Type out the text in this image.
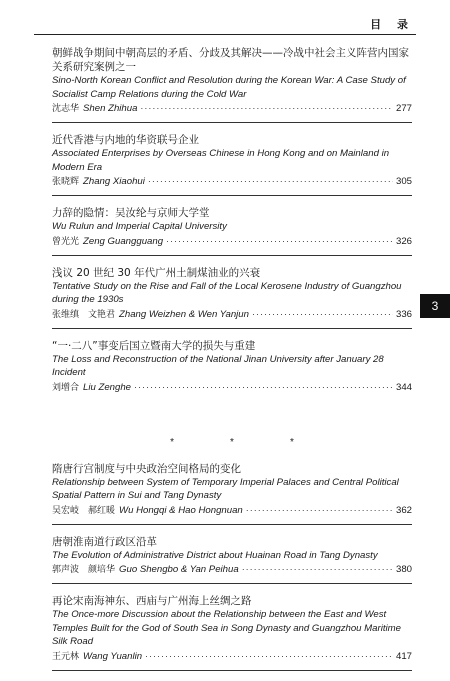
目 录
3
朝鲜战争期间中朝高层的矛盾、分歧及其解决——冷战中社会主义阵营内国家关系研究案例之一
Sino-North Korean Conflict and Resolution during the Korean War: A Case Study of Socialist Camp Relations during the Cold War
沈志华 Shen Zhihua ·····	277
近代香港与内地的华资联号企业
Associated Enterprises by Overseas Chinese in Hong Kong and on Mainland in Modern Era
张晓辉 Zhang Xiaohui ·····	305
力辞的隐情：吴汝纶与京师大学堂
Wu Rulun and Imperial Capital University
曾光光 Zeng Guangguang ·····	326
浅议 20 世纪 30 年代广州土制煤油业的兴衰
Tentative Study on the Rise and Fall of the Local Kerosene Industry of Guangzhou during the 1930s
张维缜　文艳君 Zhang Weizhen & Wen Yanjun ·····	336
“一·二八”事变后国立暨南大学的损失与重建
The Loss and Reconstruction of the National Jinan University after January 28 Incident
刘增合 Liu Zenghe ·····	344
*	*	*
隋唐行宫制度与中央政治空间格局的变化
Relationship between System of Temporary Imperial Palaces and Central Political Spatial Pattern in Sui and Tang Dynasty
吴宏岐　郝红暖 Wu Hongqi & Hao Hongnuan ·····	362
唐朝淮南道行政区沿革
The Evolution of Administrative District about Huainan Road in Tang Dynasty
郭声波　颜培华 Guo Shengbo & Yan Peihua ·····	380
再论宋南海神东、西庙与广州海上丝绸之路
The Once-more Discussion about the Relationship between the East and West Temples Built for the God of South Sea in Song Dynasty and Guangzhou Maritime Silk Road
王元林 Wang Yuanlin ·····	417
